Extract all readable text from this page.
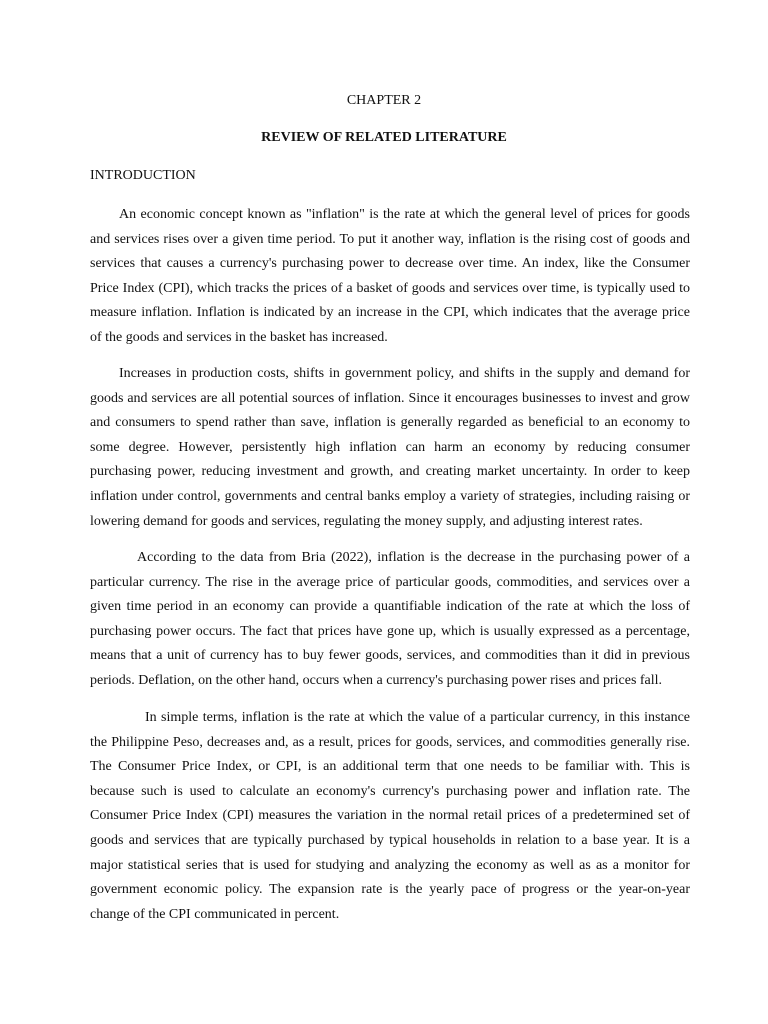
CHAPTER 2
REVIEW OF RELATED LITERATURE
INTRODUCTION

An economic concept known as "inflation" is the rate at which the general level of prices for goods
and services rises over a given time period. To put it another way, inflation is the rising cost of goods and
services that causes a currency's purchasing power to decrease over time. An index, like the Consumer
Price Index (CPI), which tracks the prices of a basket of goods and services over time, is typically used to
measure inflation. Inflation is indicated by an increase in the CPI, which indicates that the average price
of the goods and services in the basket has increased.

Increases in production costs, shifts in government policy, and shifts in the supply and demand for
goods and services are all potential sources of inflation. Since it encourages businesses to invest and grow
and consumers to spend rather than save, inflation is generally regarded as beneficial to an economy to
some degree. However, persistently high inflation can harm an economy by reducing consumer
purchasing power, reducing investment and growth, and creating market uncertainty. In order to keep
inflation under control, governments and central banks employ a variety of strategies, including raising or
lowering demand for goods and services, regulating the money supply, and adjusting interest rates.

According to the data from Bria (2022), inflation is the decrease in the purchasing power of a
particular currency. The rise in the average price of particular goods, commodities, and services over a
given time period in an economy can provide a quantifiable indication of the rate at which the loss of
purchasing power occurs. The fact that prices have gone up, which is usually expressed as a percentage,
means that a unit of currency has to buy fewer goods, services, and commodities than it did in previous
periods. Deflation, on the other hand, occurs when a currency's purchasing power rises and prices fall.

In simple terms, inflation is the rate at which the value of a particular currency, in this instance
the Philippine Peso, decreases and, as a result, prices for goods, services, and commodities generally rise.
The Consumer Price Index, or CPI, is an additional term that one needs to be familiar with. This is
because such is used to calculate an economy's currency's purchasing power and inflation rate. The
Consumer Price Index (CPI) measures the variation in the normal retail prices of a predetermined set of
goods and services that are typically purchased by typical households in relation to a base year. It is a
major statistical series that is used for studying and analyzing the economy as well as as a monitor for
government economic policy. The expansion rate is the yearly pace of progress or the year-on-year
change of the CPI communicated in percent.
